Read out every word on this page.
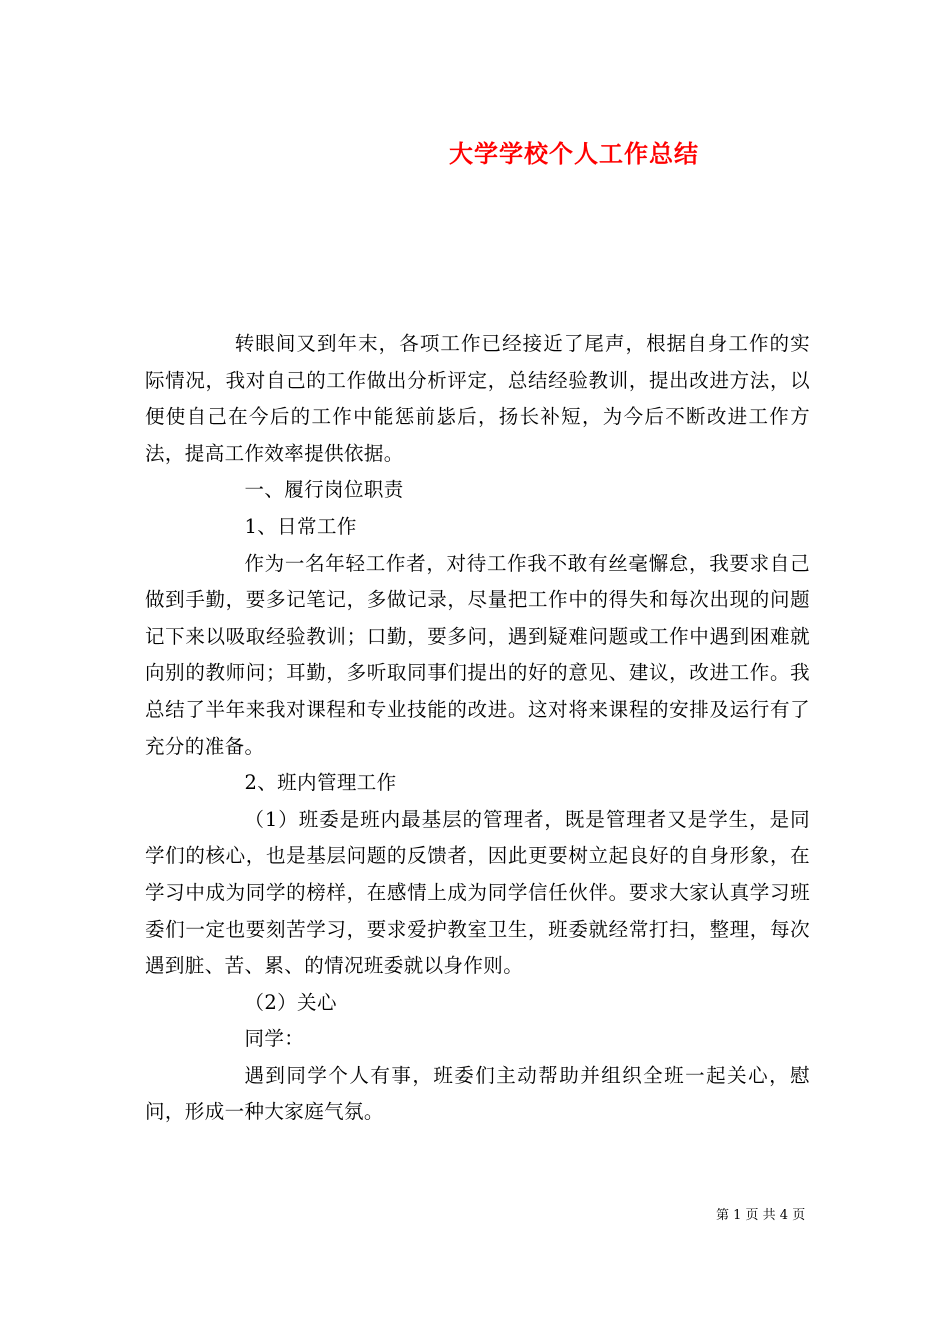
大学学校个人工作总结

转眼间又到年末，各项工作已经接近了尾声，根据自身工作的实际情况，我对自己的工作做出分析评定，总结经验教训，提出改进方法，以便使自己在今后的工作中能惩前毖后，扬长补短，为今后不断改进工作方法，提高工作效率提供依据。

一、履行岗位职责

1、日常工作

作为一名年轻工作者，对待工作我不敢有丝毫懈怠，我要求自己做到手勤，要多记笔记，多做记录，尽量把工作中的得失和每次出现的问题记下来以吸取经验教训；口勤，要多问，遇到疑难问题或工作中遇到困难就向别的教师问；耳勤，多听取同事们提出的好的意见、建议，改进工作。我总结了半年来我对课程和专业技能的改进。这对将来课程的安排及运行有了充分的准备。

2、班内管理工作

（1）班委是班内最基层的管理者，既是管理者又是学生，是同学们的核心，也是基层问题的反馈者，因此更要树立起良好的自身形象，在学习中成为同学的榜样，在感情上成为同学信任伙伴。要求大家认真学习班委们一定也要刻苦学习，要求爱护教室卫生，班委就经常打扫，整理，每次遇到脏、苦、累、的情况班委就以身作则。

（2）关心

同学：

遇到同学个人有事，班委们主动帮助并组织全班一起关心，慰问，形成一种大家庭气氛。

第 1 页 共 4 页
